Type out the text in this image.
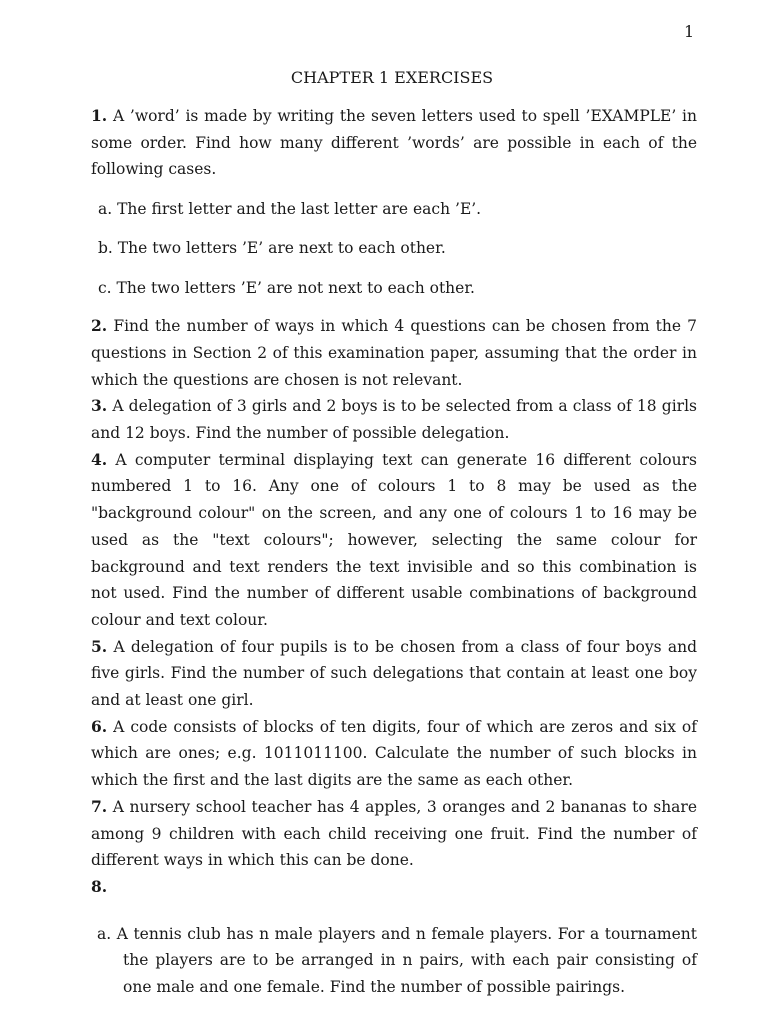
1
CHAPTER 1 EXERCISES

1. A ’word’ is made by writing the seven letters used to spell ’EXAMPLE’ in some order. Find how many different ’words’ are possible in each of the following cases.

a. The first letter and the last letter are each ’E’.
b. The two letters ’E’ are next to each other.
c. The two letters ’E’ are not next to each other.

2. Find the number of ways in which 4 questions can be chosen from the 7 questions in Section 2 of this examination paper, assuming that the order in which the questions are chosen is not relevant.

3. A delegation of 3 girls and 2 boys is to be selected from a class of 18 girls and 12 boys. Find the number of possible delegation.

4. A computer terminal displaying text can generate 16 different colours numbered 1 to 16. Any one of colours 1 to 8 may be used as the "background colour" on the screen, and any one of colours 1 to 16 may be used as the "text colours"; however, selecting the same colour for background and text renders the text invisible and so this combination is not used. Find the number of different usable combinations of background colour and text colour.

5. A delegation of four pupils is to be chosen from a class of four boys and five girls. Find the number of such delegations that contain at least one boy and at least one girl.

6. A code consists of blocks of ten digits, four of which are zeros and six of which are ones; e.g. 1011011100. Calculate the number of such blocks in which the first and the last digits are the same as each other.

7. A nursery school teacher has 4 apples, 3 oranges and 2 bananas to share among 9 children with each child receiving one fruit. Find the number of different ways in which this can be done.

8.

a. A tennis club has n male players and n female players. For a tournament the players are to be arranged in n pairs, with each pair consisting of one male and one female. Find the number of possible pairings.
